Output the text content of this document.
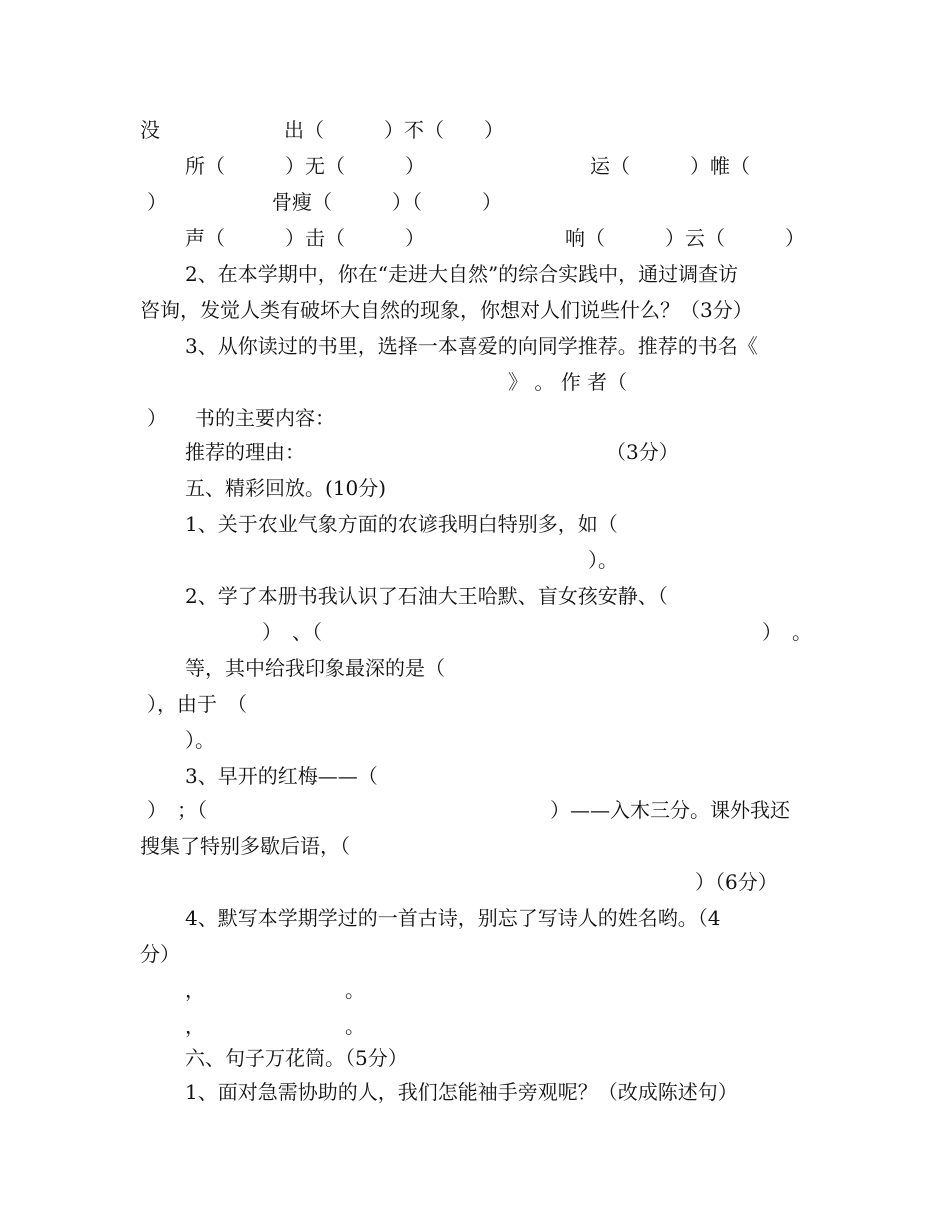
没	出（　　　）不（　　）
所（　　　）无（　　　）	运（　　　）帷（
）	骨瘦（　　　）（　　　）
声（　　　）击（　　　）	响（　　　）云（　　　）
2、在本学期中，你在“走进大自然”的综合实践中，通过调查访
咨询，发觉人类有破坏大自然的现象，你想对人们说些什么？（3分）
3、从你读过的书里，选择一本喜爱的向同学推荐。推荐的书名《
》 。 作 者（
） 书的主要内容：
推荐的理由：	（3分）
五、精彩回放。(10分)
1、关于农业气象方面的农谚我明白特别多，如（
）。
2、学了本册书我认识了石油大王哈默、盲女孩安静、（
）　、（	）　。
等，其中给我印象最深的是（
），由于　（
）。
3、早开的红梅——（
）　；（	）——入木三分。课外我还
搜集了特别多歇后语，（
）（6分）
4、默写本学期学过的一首古诗，别忘了写诗人的姓名哟。（4
分）
，	。
，	。
六、句子万花筒。（5分）
1、面对急需协助的人，我们怎能袖手旁观呢？（改成陈述句）
